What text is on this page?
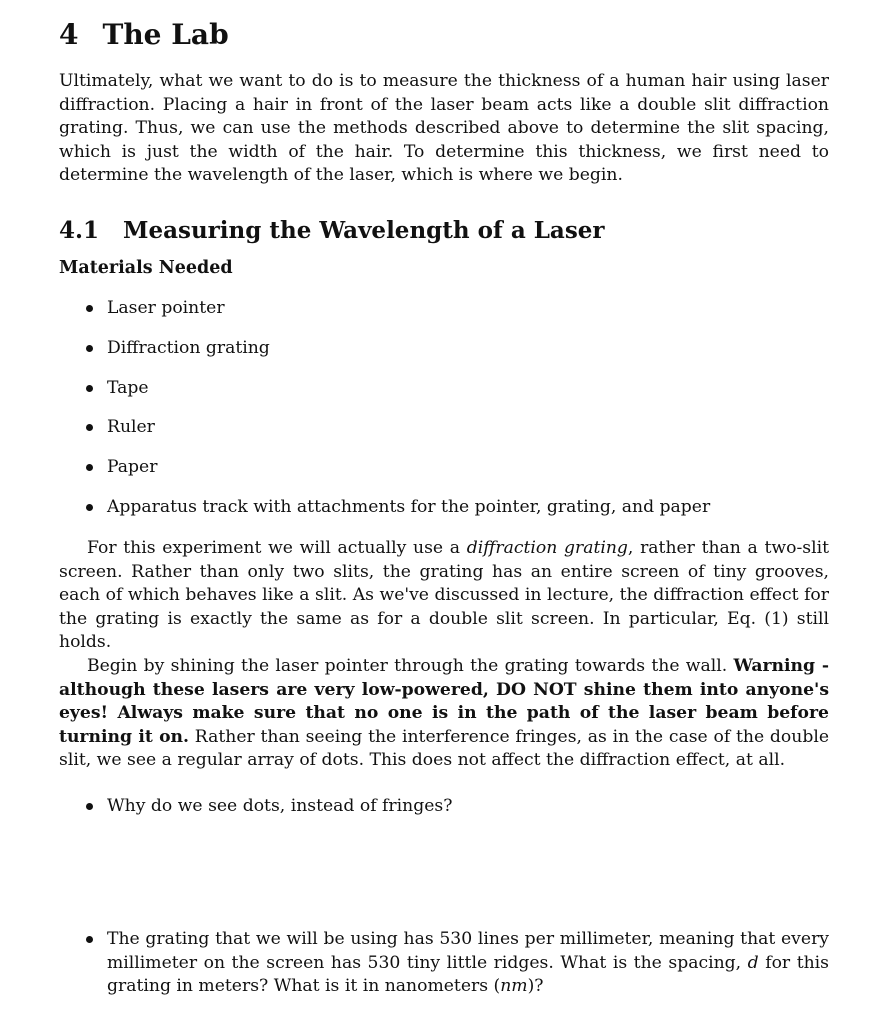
4 The Lab

Ultimately, what we want to do is to measure the thickness of a human hair using laser diffraction. Placing a hair in front of the laser beam acts like a double slit diffraction grating. Thus, we can use the methods described above to determine the slit spacing, which is just the width of the hair. To determine this thickness, we first need to determine the wavelength of the laser, which is where we begin.

4.1 Measuring the Wavelength of a Laser
Materials Needed
Laser pointer
Diffraction grating
Tape
Ruler
Paper
Apparatus track with attachments for the pointer, grating, and paper

For this experiment we will actually use a diffraction grating, rather than a two-slit screen. Rather than only two slits, the grating has an entire screen of tiny grooves, each of which behaves like a slit. As we've discussed in lecture, the diffraction effect for the grating is exactly the same as for a double slit screen. In particular, Eq. (1) still holds.

Begin by shining the laser pointer through the grating towards the wall. Warning - although these lasers are very low-powered, DO NOT shine them into anyone's eyes! Always make sure that no one is in the path of the laser beam before turning it on. Rather than seeing the interference fringes, as in the case of the double slit, we see a regular array of dots. This does not affect the diffraction effect, at all.

Why do we see dots, instead of fringes?
The grating that we will be using has 530 lines per millimeter, meaning that every millimeter on the screen has 530 tiny little ridges. What is the spacing, d for this grating in meters? What is it in nanometers (nm)?
